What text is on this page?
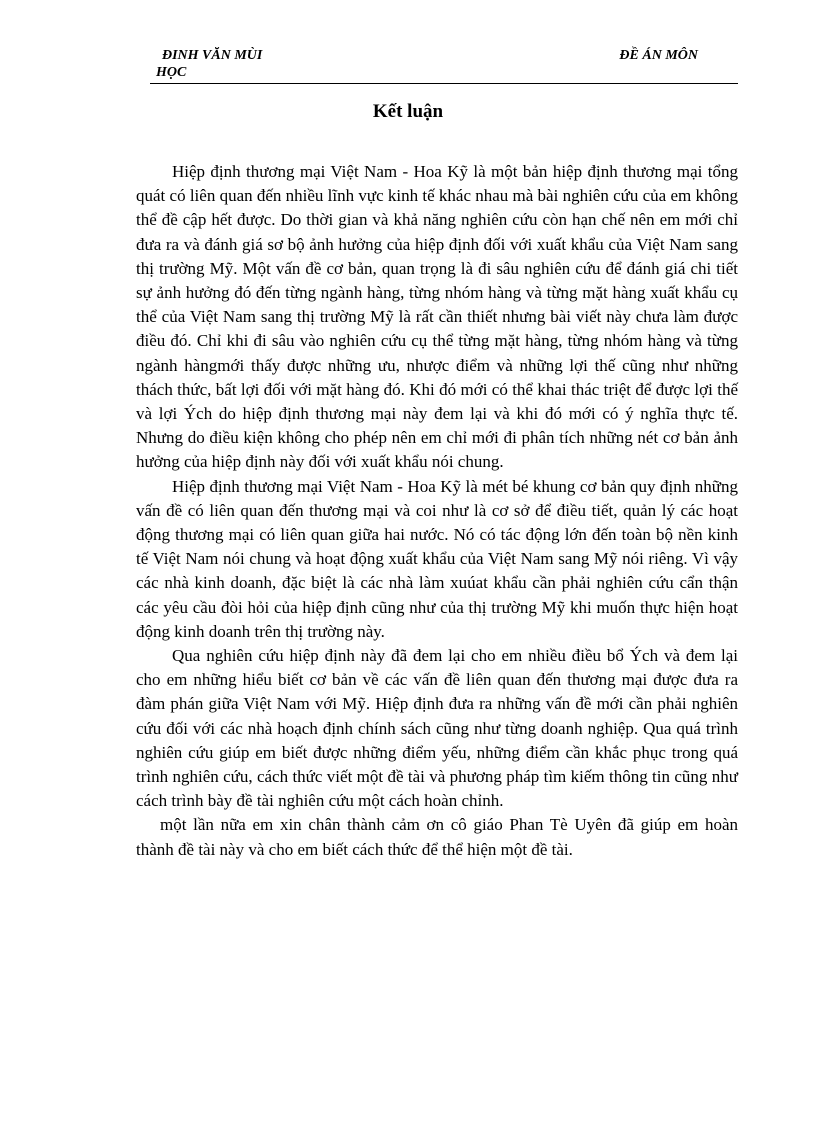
ĐINH VĂN MÙI
HỌC
ĐỀ ÁN MÔN
Kết luận

Hiệp định thương mại Việt Nam - Hoa Kỹ là một bản hiệp định thương mại tổng quát có liên quan đến nhiều lĩnh vực kinh tế khác nhau mà bài nghiên cứu của em không thể đề cập hết được. Do thời gian và khả năng nghiên cứu còn hạn chế nên em mới chỉ đưa ra và đánh giá sơ bộ ảnh hưởng của hiệp định đối với xuất khẩu của Việt Nam sang thị trường Mỹ. Một vấn đề cơ bản, quan trọng là đi sâu nghiên cứu để đánh giá chi tiết sự ảnh hưởng đó đến từng ngành hàng, từng nhóm hàng và từng mặt hàng xuất khẩu cụ thể của Việt Nam sang thị trường Mỹ là rất cần thiết nhưng bài viết này chưa làm được điều đó. Chỉ khi đi sâu vào nghiên cứu cụ thể từng mặt hàng, từng nhóm hàng và từng ngành hàngmới thấy được những ưu, nhược điểm và những lợi thế cũng như những thách thức, bất lợi đối với mặt hàng đó. Khi đó mới có thể khai thác triệt để được lợi thế và lợi Ých do hiệp định thương mại này đem lại và khi đó mới có ý nghĩa thực tế. Nhưng do điều kiện không cho phép nên em chỉ mới đi phân tích những nét cơ bản ảnh hưởng của hiệp định này đối với xuất khẩu nói chung.

Hiệp định thương mại Việt Nam - Hoa Kỹ là mét bé khung cơ bản quy định những vấn đề có liên quan đến thương mại và coi như là cơ sở để điều tiết, quản lý các hoạt động thương mại có liên quan giữa hai nước. Nó có tác động lớn đến toàn bộ nền kinh tế Việt Nam nói chung và hoạt động xuất khẩu của Việt Nam sang Mỹ nói riêng. Vì vậy các nhà kinh doanh, đặc biệt là các nhà làm xuúat khẩu cần phải nghiên cứu cẩn thận các yêu cầu đòi hỏi của hiệp định cũng như của thị trường Mỹ khi muốn thực hiện hoạt động kinh doanh trên thị trường này.

Qua nghiên cứu hiệp định này đã đem lại cho em nhiều điều bổ Ých và đem lại cho em những hiểu biết cơ bản về các vấn đề liên quan đến thương mại được đưa ra đàm phán giữa Việt Nam với Mỹ. Hiệp định đưa ra những vấn đề mới cần phải nghiên cứu đối với các nhà hoạch định chính sách cũng như từng doanh nghiệp. Qua quá trình nghiên cứu giúp em biết được những điểm yếu, những điểm cần khắc phục trong quá trình nghiên cứu, cách thức viết một đề tài và phương pháp tìm kiếm thông tin cũng như cách trình bày đề tài nghiên cứu một cách hoàn chỉnh.

một lần nữa em xin chân thành cảm ơn cô giáo Phan Tè Uyên đã giúp em hoàn thành đề tài này và cho em biết cách thức để thể hiện một đề tài.
